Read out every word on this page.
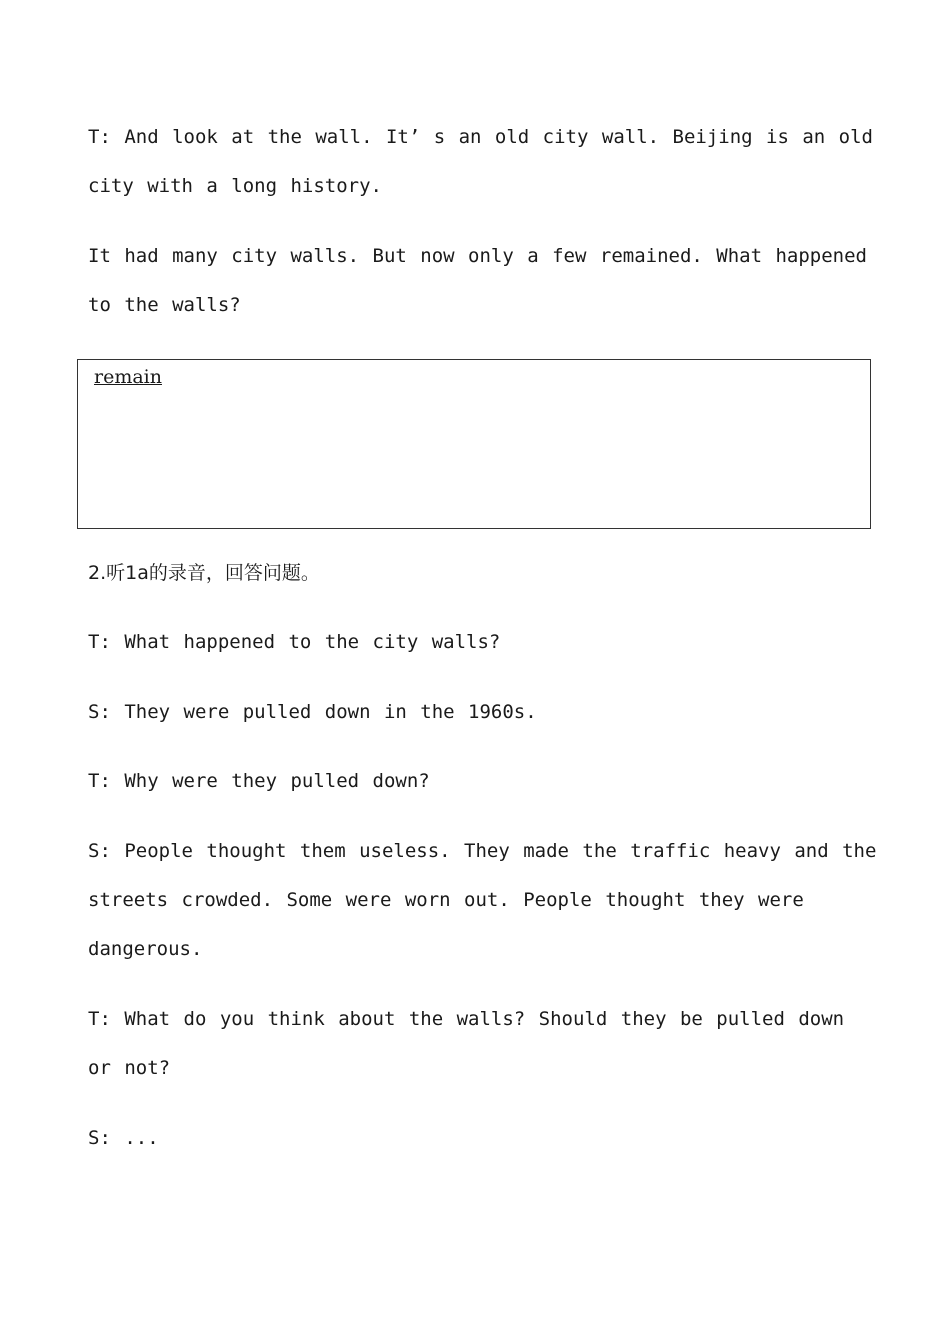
T: And look at the wall. It’ s an old city wall. Beijing is an old city with a long history.

It had many city walls. But now only a few remained. What happened to the walls?

remain

2.听1a的录音，回答问题。

T: What happened to the city walls?

S: They were pulled down in the 1960s.

T: Why were they pulled down?

S: People thought them useless. They made the traffic heavy and the streets crowded. Some were worn out. People thought they were dangerous.

T: What do you think about the walls? Should they be pulled down or not?

S: ...
